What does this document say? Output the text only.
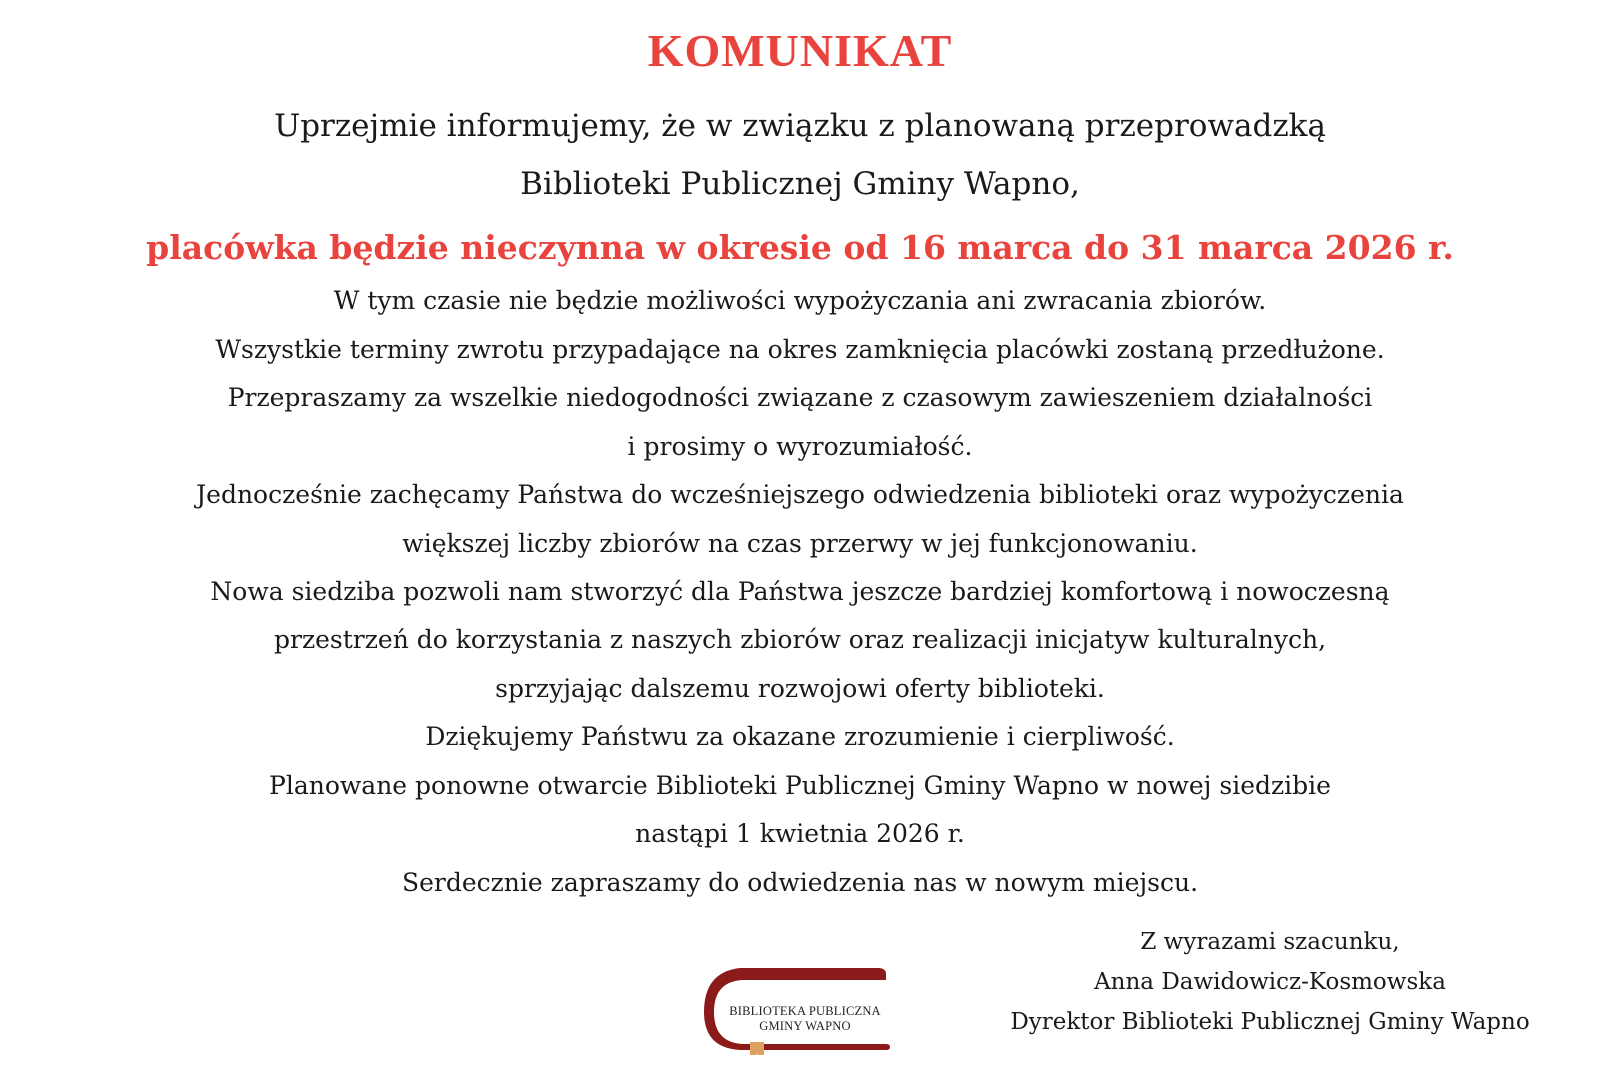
KOMUNIKAT
Uprzejmie informujemy, że w związku z planowaną przeprowadzką
Biblioteki Publicznej Gminy Wapno,
placówka będzie nieczynna w okresie od 16 marca do 31 marca 2026 r.
W tym czasie nie będzie możliwości wypożyczania ani zwracania zbiorów.
Wszystkie terminy zwrotu przypadające na okres zamknięcia placówki zostaną przedłużone.
Przepraszamy za wszelkie niedogodności związane z czasowym zawieszeniem działalności
i prosimy o wyrozumiałość.
Jednocześnie zachęcamy Państwa do wcześniejszego odwiedzenia biblioteki oraz wypożyczenia
większej liczby zbiorów na czas przerwy w jej funkcjonowaniu.
Nowa siedziba pozwoli nam stworzyć dla Państwa jeszcze bardziej komfortową i nowoczesną
przestrzeń do korzystania z naszych zbiorów oraz realizacji inicjatyw kulturalnych,
sprzyjając dalszemu rozwojowi oferty biblioteki.
Dziękujemy Państwu za okazane zrozumienie i cierpliwość.
Planowane ponowne otwarcie Biblioteki Publicznej Gminy Wapno w nowej siedzibie
nastąpi 1 kwietnia 2026 r.
Serdecznie zapraszamy do odwiedzenia nas w nowym miejscu.
BIBLIOTEKA PUBLICZNA
GMINY WAPNO
Z wyrazami szacunku,
Anna Dawidowicz-Kosmowska
Dyrektor Biblioteki Publicznej Gminy Wapno
